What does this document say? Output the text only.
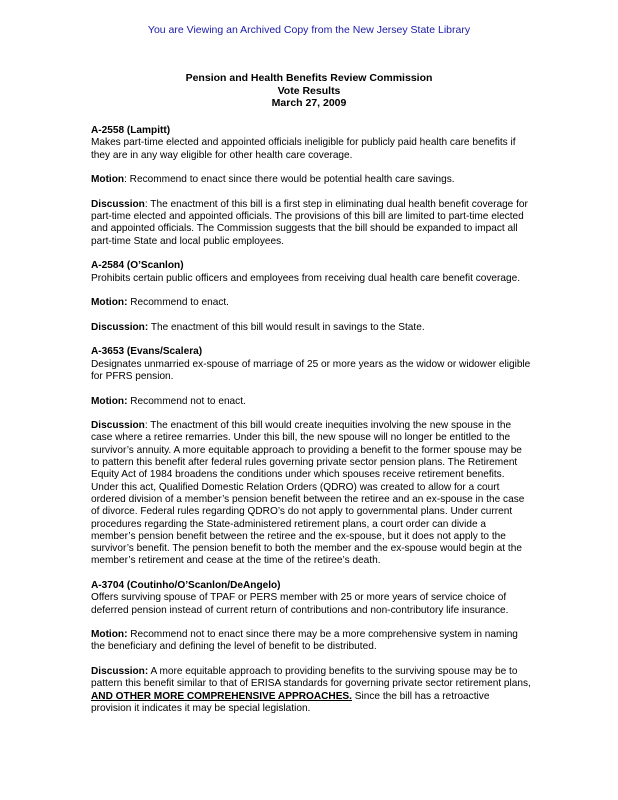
You are Viewing an Archived Copy from the New Jersey State Library
Pension and Health Benefits Review Commission
Vote Results
March 27, 2009
A-2558 (Lampitt)

Makes part-time elected and appointed officials ineligible for publicly paid health care benefits if they are in any way eligible for other health care coverage.

Motion: Recommend to enact since there would be potential health care savings.

Discussion: The enactment of this bill is a first step in eliminating dual health benefit coverage for part-time elected and appointed officials. The provisions of this bill are limited to part-time elected and appointed officials. The Commission suggests that the bill should be expanded to impact all part-time State and local public employees.

A-2584 (O’Scanlon)

Prohibits certain public officers and employees from receiving dual health care benefit coverage.

Motion: Recommend to enact.

Discussion: The enactment of this bill would result in savings to the State.

A-3653 (Evans/Scalera)

Designates unmarried ex-spouse of marriage of 25 or more years as the widow or widower eligible for PFRS pension.

Motion: Recommend not to enact.

Discussion: The enactment of this bill would create inequities involving the new spouse in the case where a retiree remarries. Under this bill, the new spouse will no longer be entitled to the survivor’s annuity. A more equitable approach to providing a benefit to the former spouse may be to pattern this benefit after federal rules governing private sector pension plans. The Retirement Equity Act of 1984 broadens the conditions under which spouses receive retirement benefits. Under this act, Qualified Domestic Relation Orders (QDRO) was created to allow for a court ordered division of a member’s pension benefit between the retiree and an ex-spouse in the case of divorce. Federal rules regarding QDRO’s do not apply to governmental plans. Under current procedures regarding the State-administered retirement plans, a court order can divide a member’s pension benefit between the retiree and the ex-spouse, but it does not apply to the survivor’s benefit. The pension benefit to both the member and the ex-spouse would begin at the member’s retirement and cease at the time of the retiree’s death.

A-3704 (Coutinho/O’Scanlon/DeAngelo)

Offers surviving spouse of TPAF or PERS member with 25 or more years of service choice of deferred pension instead of current return of contributions and non-contributory life insurance.

Motion: Recommend not to enact since there may be a more comprehensive system in naming the beneficiary and defining the level of benefit to be distributed.

Discussion: A more equitable approach to providing benefits to the surviving spouse may be to pattern this benefit similar to that of ERISA standards for governing private sector retirement plans, AND OTHER MORE COMPREHENSIVE APPROACHES. Since the bill has a retroactive provision it indicates it may be special legislation.
